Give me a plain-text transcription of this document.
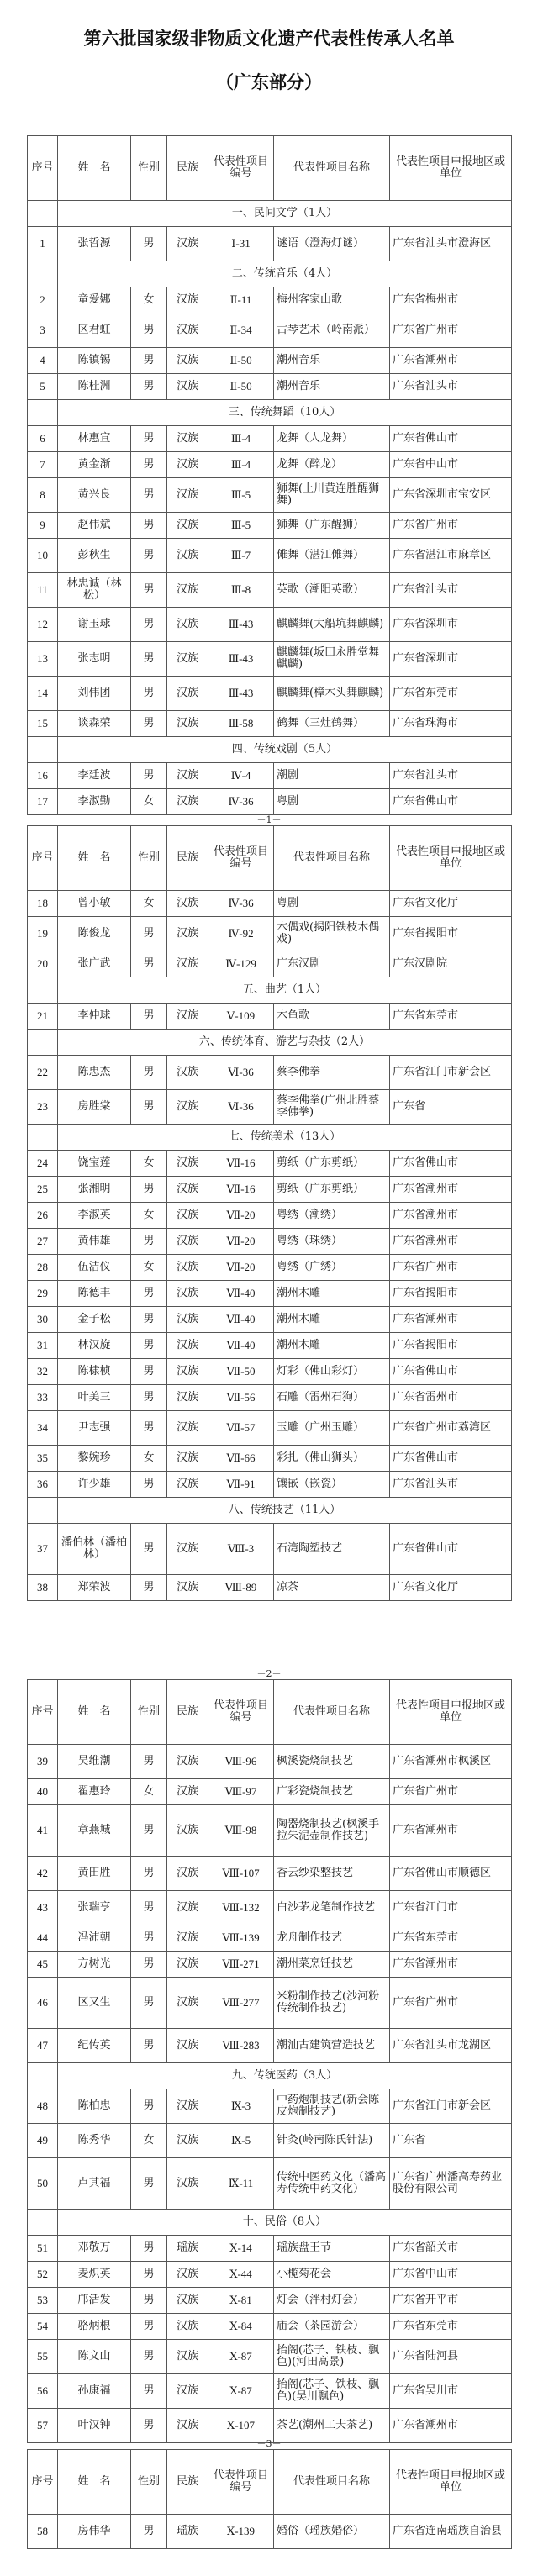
第六批国家级非物质文化遗产代表性传承人名单
（广东部分）
序号	姓　名	性别	民族	代表性项目编号	代表性项目名称	代表性项目申报地区或单位
	一、民间文学（1人）					
1	张哲源	男	汉族	Ⅰ-31	谜语（澄海灯谜）	广东省汕头市澄海区
	二、传统音乐（4人）					
2	童爱娜	女	汉族	Ⅱ-11	梅州客家山歌	广东省梅州市
3	区君虹	男	汉族	Ⅱ-34	古琴艺术（岭南派）	广东省广州市
4	陈镇锡	男	汉族	Ⅱ-50	潮州音乐	广东省潮州市
5	陈桂洲	男	汉族	Ⅱ-50	潮州音乐	广东省汕头市
	三、传统舞蹈（10人）					
6	林惠宣	男	汉族	Ⅲ-4	龙舞（人龙舞）	广东省佛山市
7	黄金渐	男	汉族	Ⅲ-4	龙舞（醉龙）	广东省中山市
8	黄兴良	男	汉族	Ⅲ-5	狮舞(上川黄连胜醒狮舞)	广东省深圳市宝安区
9	赵伟斌	男	汉族	Ⅲ-5	狮舞（广东醒狮）	广东省广州市
10	彭秋生	男	汉族	Ⅲ-7	傩舞（湛江傩舞）	广东省湛江市麻章区
11	林忠诚（林松）	男	汉族	Ⅲ-8	英歌（潮阳英歌）	广东省汕头市
12	谢玉球	男	汉族	Ⅲ-43	麒麟舞(大船坑舞麒麟)	广东省深圳市
13	张志明	男	汉族	Ⅲ-43	麒麟舞(坂田永胜堂舞麒麟)	广东省深圳市
14	刘伟团	男	汉族	Ⅲ-43	麒麟舞(樟木头舞麒麟)	广东省东莞市
15	谈森荣	男	汉族	Ⅲ-58	鹤舞（三灶鹤舞）	广东省珠海市
	四、传统戏剧（5人）					
16	李廷波	男	汉族	Ⅳ-4	潮剧	广东省汕头市
17	李淑勤	女	汉族	Ⅳ-36	粤剧	广东省佛山市
－1－
序号	姓　名	性别	民族	代表性项目编号	代表性项目名称	代表性项目申报地区或单位
18	曾小敏	女	汉族	Ⅳ-36	粤剧	广东省文化厅
19	陈俊龙	男	汉族	Ⅳ-92	木偶戏(揭阳铁枝木偶戏)	广东省揭阳市
20	张广武	男	汉族	Ⅳ-129	广东汉剧	广东汉剧院
	五、曲艺（1人）					
21	李仲球	男	汉族	Ⅴ-109	木鱼歌	广东省东莞市
	六、传统体育、游艺与杂技（2人）					
22	陈忠杰	男	汉族	Ⅵ-36	蔡李佛拳	广东省江门市新会区
23	房胜棠	男	汉族	Ⅵ-36	蔡李佛拳(广州北胜蔡李佛拳)	广东省
	七、传统美术（13人）					
24	饶宝莲	女	汉族	Ⅶ-16	剪纸（广东剪纸）	广东省佛山市
25	张湘明	男	汉族	Ⅶ-16	剪纸（广东剪纸）	广东省潮州市
26	李淑英	女	汉族	Ⅶ-20	粤绣（潮绣）	广东省潮州市
27	黄伟雄	男	汉族	Ⅶ-20	粤绣（珠绣）	广东省潮州市
28	伍洁仪	女	汉族	Ⅶ-20	粤绣（广绣）	广东省广州市
29	陈德丰	男	汉族	Ⅶ-40	潮州木雕	广东省揭阳市
30	金子松	男	汉族	Ⅶ-40	潮州木雕	广东省潮州市
31	林汉旋	男	汉族	Ⅶ-40	潮州木雕	广东省揭阳市
32	陈棣桢	男	汉族	Ⅶ-50	灯彩（佛山彩灯）	广东省佛山市
33	叶美三	男	汉族	Ⅶ-56	石雕（雷州石狗）	广东省雷州市
34	尹志强	男	汉族	Ⅶ-57	玉雕（广州玉雕）	广东省广州市荔湾区
35	黎婉珍	女	汉族	Ⅶ-66	彩扎（佛山狮头）	广东省佛山市
36	许少雄	男	汉族	Ⅶ-91	镶嵌（嵌瓷）	广东省汕头市
	八、传统技艺（11人）					
37	潘伯林（潘柏林）	男	汉族	Ⅷ-3	石湾陶塑技艺	广东省佛山市
38	郑荣波	男	汉族	Ⅷ-89	凉茶	广东省文化厅
－2－
序号	姓　名	性别	民族	代表性项目编号	代表性项目名称	代表性项目申报地区或单位
39	吴维潮	男	汉族	Ⅷ-96	枫溪瓷烧制技艺	广东省潮州市枫溪区
40	翟惠玲	女	汉族	Ⅷ-97	广彩瓷烧制技艺	广东省广州市
41	章燕城	男	汉族	Ⅷ-98	陶器烧制技艺(枫溪手拉朱泥壶制作技艺)	广东省潮州市
42	黄田胜	男	汉族	Ⅷ-107	香云纱染整技艺	广东省佛山市顺德区
43	张瑞亨	男	汉族	Ⅷ-132	白沙茅龙笔制作技艺	广东省江门市
44	冯沛朝	男	汉族	Ⅷ-139	龙舟制作技艺	广东省东莞市
45	方树光	男	汉族	Ⅷ-271	潮州菜烹饪技艺	广东省潮州市
46	区又生	男	汉族	Ⅷ-277	米粉制作技艺(沙河粉传统制作技艺)	广东省广州市
47	纪传英	男	汉族	Ⅷ-283	潮汕古建筑营造技艺	广东省汕头市龙湖区
	九、传统医药（3人）					
48	陈柏忠	男	汉族	Ⅸ-3	中药炮制技艺(新会陈皮炮制技艺)	广东省江门市新会区
49	陈秀华	女	汉族	Ⅸ-5	针灸(岭南陈氏针法)	广东省
50	卢其福	男	汉族	Ⅸ-11	传统中医药文化（潘高寿传统中药文化）	广东省广州潘高寿药业股份有限公司
	十、民俗（8人）					
51	邓敬万	男	瑶族	Ⅹ-14	瑶族盘王节	广东省韶关市
52	麦炽英	男	汉族	Ⅹ-44	小榄菊花会	广东省中山市
53	邝活发	男	汉族	Ⅹ-81	灯会（泮村灯会）	广东省开平市
54	骆炳根	男	汉族	Ⅹ-84	庙会（茶园游会）	广东省东莞市
55	陈文山	男	汉族	Ⅹ-87	抬阁(芯子、铁枝、飘色)(河田高景)	广东省陆河县
56	孙康福	男	汉族	Ⅹ-87	抬阁(芯子、铁枝、飘色)(吴川飘色)	广东省吴川市
57	叶汉钟	男	汉族	Ⅹ-107	茶艺(潮州工夫茶艺)	广东省潮州市
－3－
序号	姓　名	性别	民族	代表性项目编号	代表性项目名称	代表性项目申报地区或单位
58	房伟华	男	瑶族	Ⅹ-139	婚俗（瑶族婚俗）	广东省连南瑶族自治县
